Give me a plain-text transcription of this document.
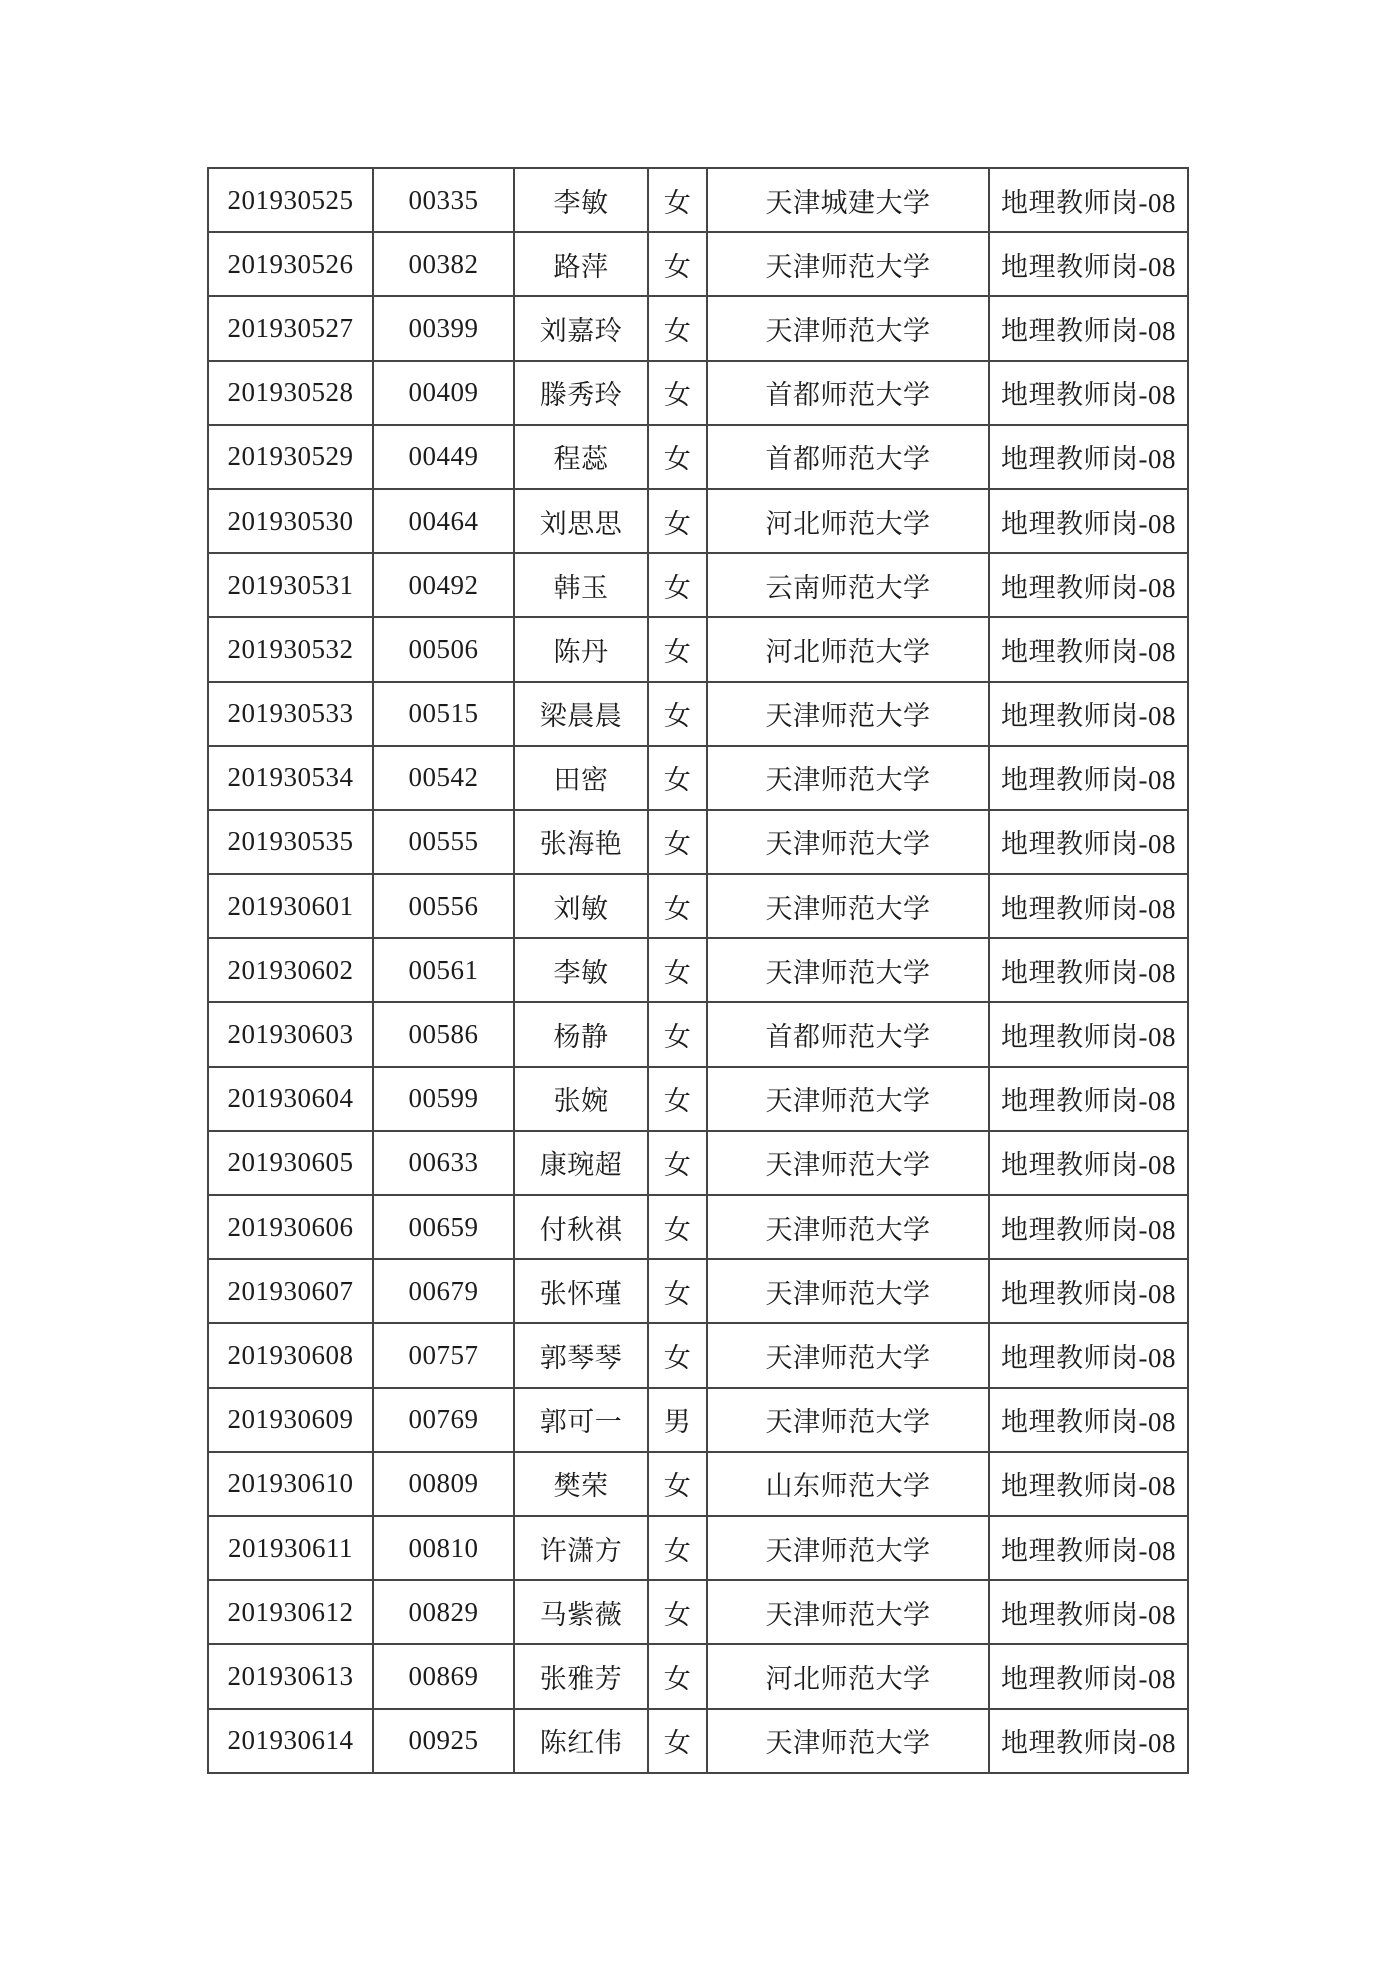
201930525	00335	李敏	女	天津城建大学	地理教师岗-08
201930526	00382	路萍	女	天津师范大学	地理教师岗-08
201930527	00399	刘嘉玲	女	天津师范大学	地理教师岗-08
201930528	00409	滕秀玲	女	首都师范大学	地理教师岗-08
201930529	00449	程蕊	女	首都师范大学	地理教师岗-08
201930530	00464	刘思思	女	河北师范大学	地理教师岗-08
201930531	00492	韩玉	女	云南师范大学	地理教师岗-08
201930532	00506	陈丹	女	河北师范大学	地理教师岗-08
201930533	00515	梁晨晨	女	天津师范大学	地理教师岗-08
201930534	00542	田密	女	天津师范大学	地理教师岗-08
201930535	00555	张海艳	女	天津师范大学	地理教师岗-08
201930601	00556	刘敏	女	天津师范大学	地理教师岗-08
201930602	00561	李敏	女	天津师范大学	地理教师岗-08
201930603	00586	杨静	女	首都师范大学	地理教师岗-08
201930604	00599	张婉	女	天津师范大学	地理教师岗-08
201930605	00633	康琬超	女	天津师范大学	地理教师岗-08
201930606	00659	付秋祺	女	天津师范大学	地理教师岗-08
201930607	00679	张怀瑾	女	天津师范大学	地理教师岗-08
201930608	00757	郭琴琴	女	天津师范大学	地理教师岗-08
201930609	00769	郭可一	男	天津师范大学	地理教师岗-08
201930610	00809	樊荣	女	山东师范大学	地理教师岗-08
201930611	00810	许潇方	女	天津师范大学	地理教师岗-08
201930612	00829	马紫薇	女	天津师范大学	地理教师岗-08
201930613	00869	张雅芳	女	河北师范大学	地理教师岗-08
201930614	00925	陈红伟	女	天津师范大学	地理教师岗-08
